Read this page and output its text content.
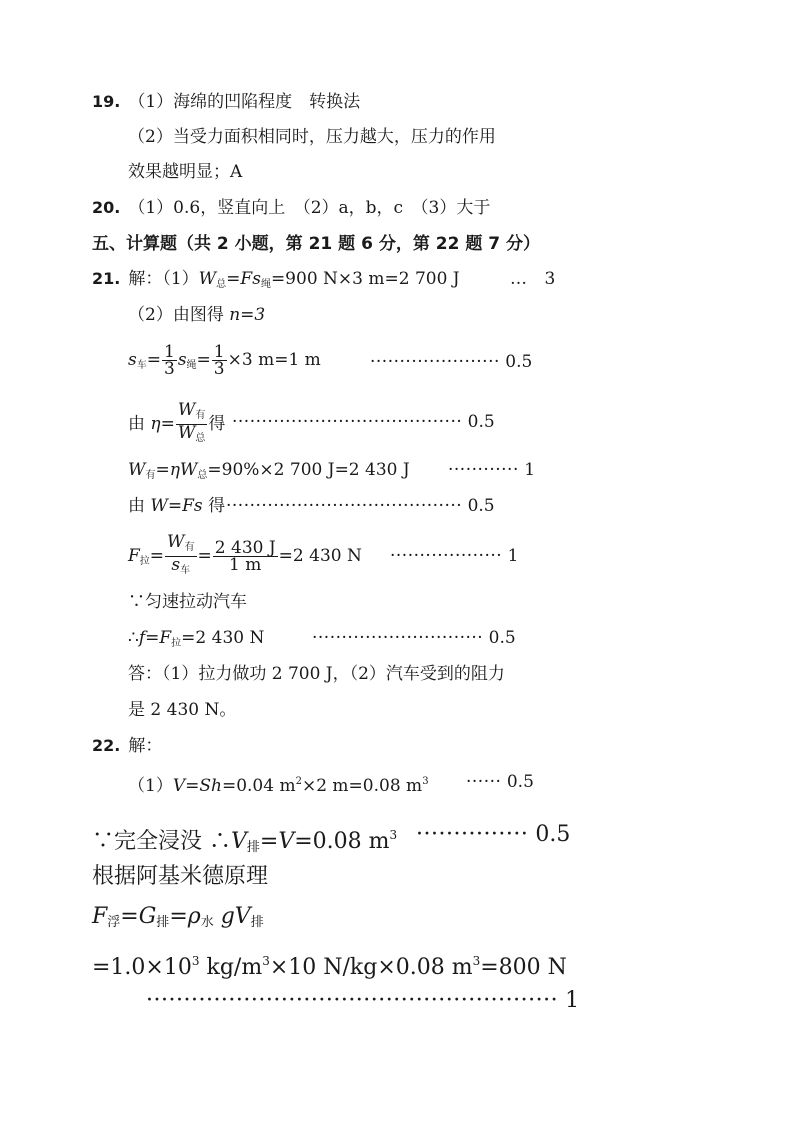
19. （1）海绵的凹陷程度　转换法
（2）当受力面积相同时，压力越大，压力的作用
效果越明显；A
20. （1）0.6，竖直向上　（2）a，b，c　（3）大于
五、计算题（共 2 小题，第 21 题 6 分，第 22 题 7 分）
21. 解：$(1)W_总=Fs_绳=900$ N×3 m=2 700 J	…　 3
（2）由图得 n=3
$s_车= \frac{1}{3} s_绳= \frac{1}{3} \times 3$ m=1 m	······················ 0.5
由 $\eta= \frac{W_有}{W_总}$ 得 ······································· 0.5
$W_有=\eta W_总=90\%\times 2$ 700 J=2 430 J ············ 1
由 W=Fs 得 ········································ 0.5
$F_拉= \frac{W_有}{s_车} = \frac{2 430 J}{1 m} =2$ 430 N ··················· 1
∵匀速拉动汽车
$\therefore f=F_拉=2$ 430 N	····························· 0.5
答：（1）拉力做功 2 700 J，（2）汽车受到的阻力
是 2 430 N。
22. 解：
（1）V=Sh=0.04 $m^2\times 2$ m=0.08 $m^3$ ······ 0.5
∵完全浸没 $\therefore V_排=V=0.08$ $m^3$ ··············· 0.5
根据阿基米德原理
$F_浮=G_排=\rho_水$ $gV_排$
$=1.0\times 10^3$ $kg/m^3\times 10$ N/kg×0.08 $m^3=800$ N
······················································· 1
